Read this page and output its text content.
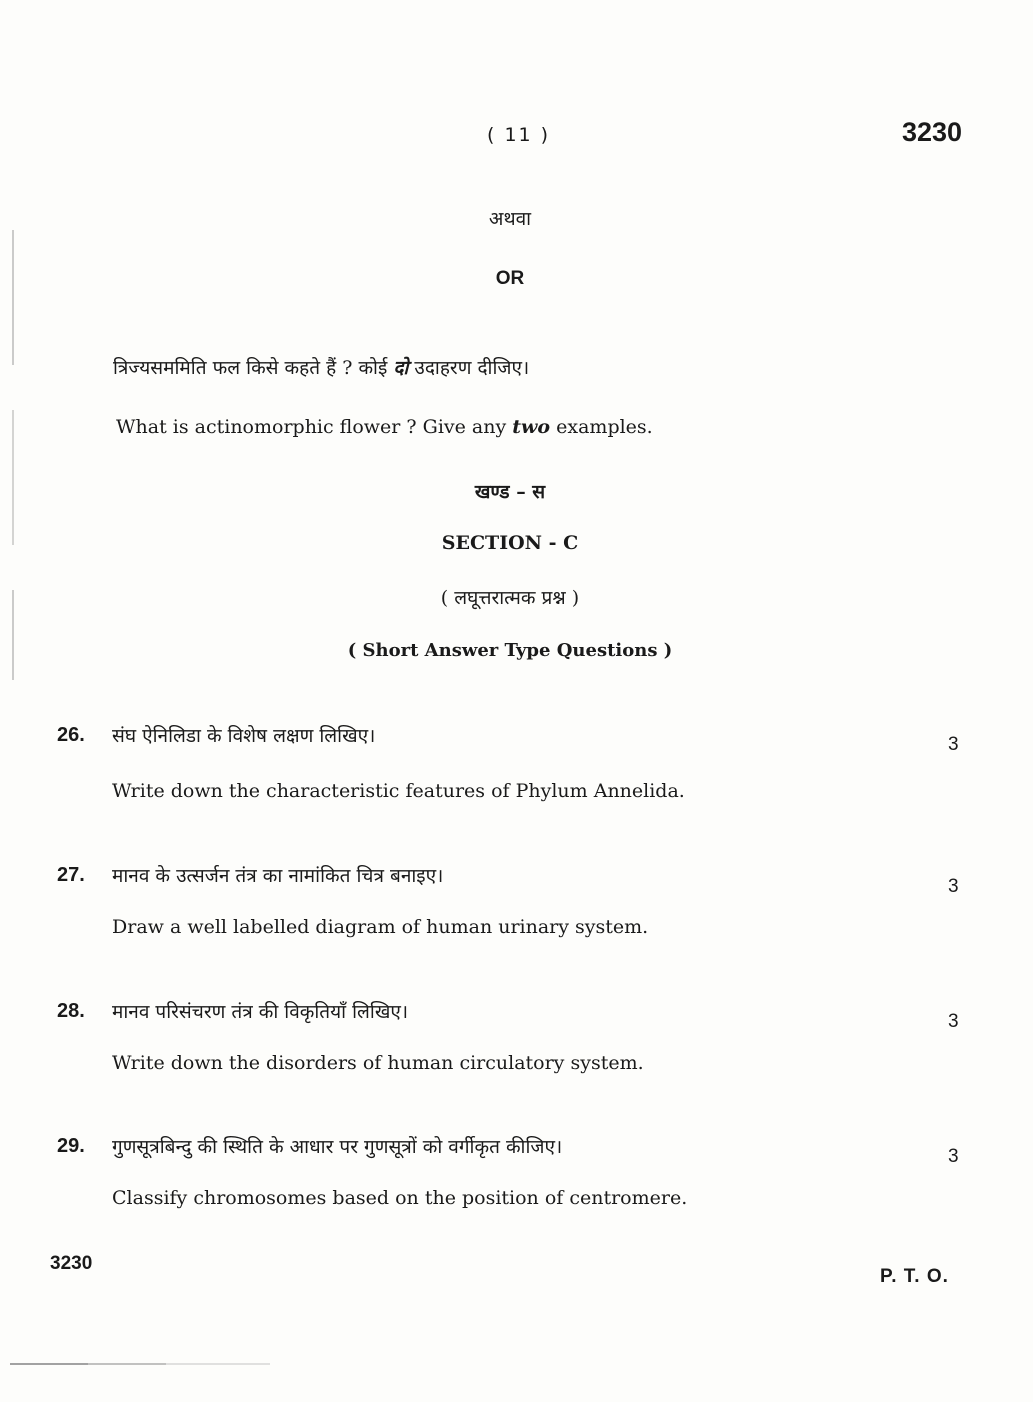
( 11 )	3230
अथवा
OR
त्रिज्यसममिति फल किसे कहते हैं ? कोई दो उदाहरण दीजिए।
What is actinomorphic flower ? Give any two examples.
खण्ड – स
SECTION - C
( लघूत्तरात्मक प्रश्न )
( Short Answer Type Questions )
26. संघ ऐनिलिडा के विशेष लक्षण लिखिए।	3
Write down the characteristic features of Phylum Annelida.
27. मानव के उत्सर्जन तंत्र का नामांकित चित्र बनाइए।	3
Draw a well labelled diagram of human urinary system.
28. मानव परिसंचरण तंत्र की विकृतियाँ लिखिए।	3
Write down the disorders of human circulatory system.
29. गुणसूत्रबिन्दु की स्थिति के आधार पर गुणसूत्रों को वर्गीकृत कीजिए।	3
Classify chromosomes based on the position of centromere.
3230
P. T. O.
